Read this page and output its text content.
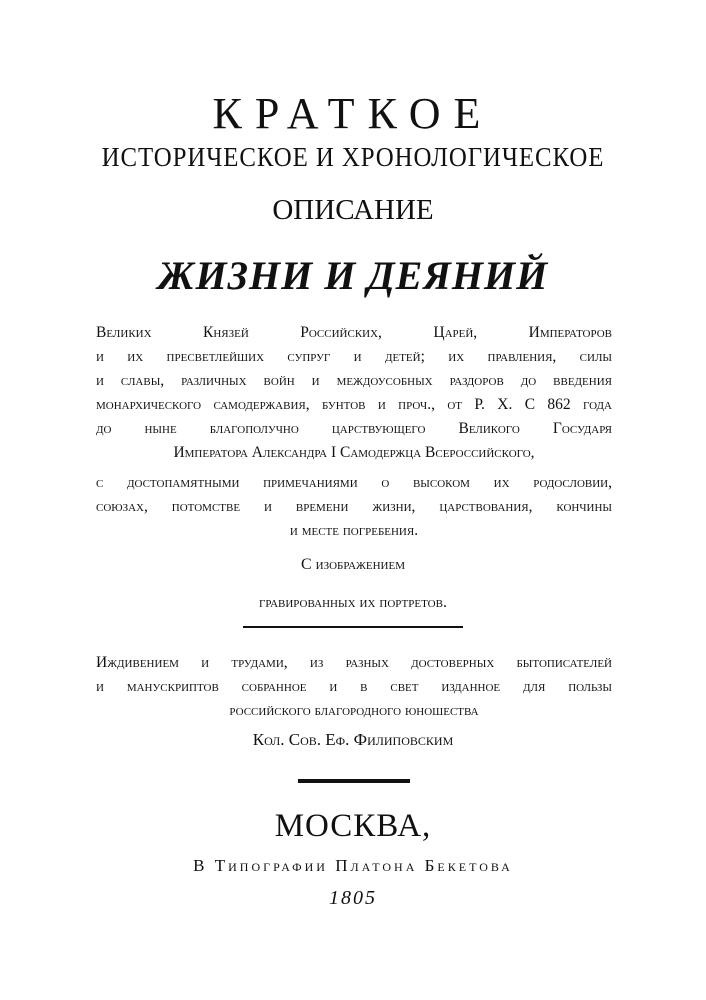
КРАТКОЕ
ИСТОРИЧЕСКОЕ И ХРОНОЛОГИЧЕСКОЕ
ОПИСАНИЕ
ЖИЗНИ И ДЕЯНИЙ
Великих Князей Российских, Царей, Императоров
и их пресветлейших супруг и детей; их правления, силы
и славы, различных войн и междоусобных раздоров до введения
монархического самодержавия, бунтов и проч., от Р. Х. С 862 года
до ныне благополучно царствующего Великого Государя
Императора Александра I Самодержца Всероссийского,
с достопамятными примечаниями о высоком их родословии,
союзах, потомстве и времени жизни, царствования, кончины
и месте погребения.
С изображением
гравированных их портретов.
Иждивением и трудами, из разных достоверных бытописателей
и манускриптов собранное и в свет изданное для пользы
российского благородного юношества
Кол. Сов. Еф. Филиповским
МОСКВА,
В Типографии Платона Бекетова
1805
